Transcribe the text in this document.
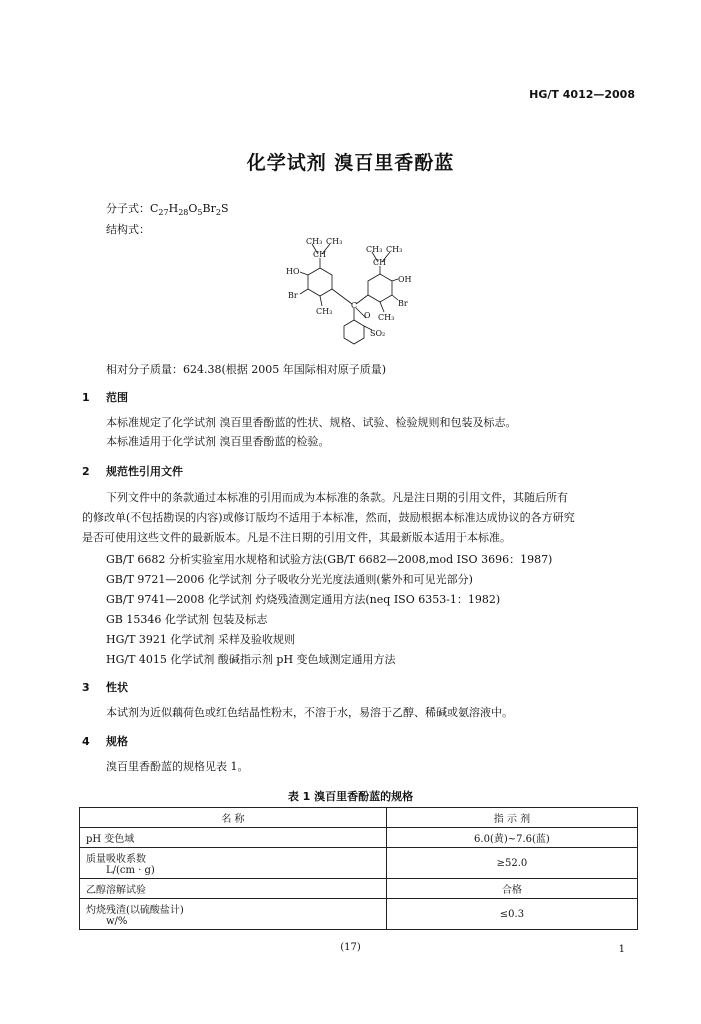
HG/T 4012—2008
化学试剂 溴百里香酚蓝
分子式：$C_{27}H_{28}O_5Br_2S$
结构式：
CH₃ CH₃
CH
HO
Br
CH₃
CH₃ CH₃
CH
OH
Br
CH₃
C
O
SO₂
相对分子质量：624.38(根据 2005 年国际相对原子质量)
1 范围
本标准规定了化学试剂 溴百里香酚蓝的性状、规格、试验、检验规则和包装及标志。
本标准适用于化学试剂 溴百里香酚蓝的检验。
2 规范性引用文件
下列文件中的条款通过本标准的引用而成为本标准的条款。凡是注日期的引用文件，其随后所有
的修改单(不包括勘误的内容)或修订版均不适用于本标准，然而，鼓励根据本标准达成协议的各方研究
是否可使用这些文件的最新版本。凡是不注日期的引用文件，其最新版本适用于本标准。
GB/T 6682 分析实验室用水规格和试验方法(GB/T 6682—2008,mod ISO 3696：1987)
GB/T 9721—2006 化学试剂 分子吸收分光光度法通则(紫外和可见光部分)
GB/T 9741—2008 化学试剂 灼烧残渣测定通用方法(neq ISO 6353-1：1982)
GB 15346 化学试剂 包装及标志
HG/T 3921 化学试剂 采样及验收规则
HG/T 4015 化学试剂 酸碱指示剂 pH 变色域测定通用方法
3 性状
本试剂为近似藕荷色或红色结晶性粉末，不溶于水，易溶于乙醇、稀碱或氨溶液中。
4 规格
溴百里香酚蓝的规格见表 1。
表 1 溴百里香酚蓝的规格
名 称	指 示 剂
pH 变色域	6.0(黄)~7.6(蓝)

质量吸收系数
L/(cm · g)	≥52.0
乙醇溶解试验	合格

灼烧残渣(以硫酸盐计)
w/%	≤0.3
(17)	1
